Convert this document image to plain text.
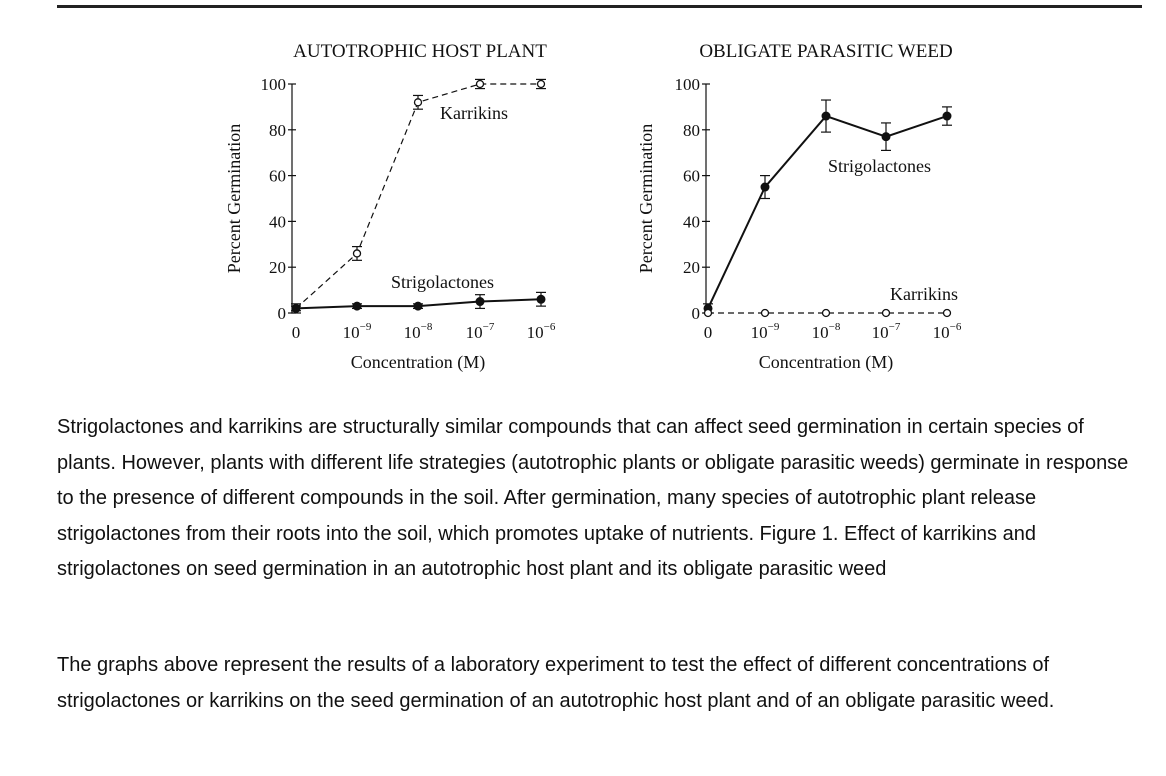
AUTOTROPHIC HOST PLANT
0
20
40
60
80
100
Percent Germination
0 $10^{-9}$ $10^{-8}$ $10^{-7}$ $10^{-6}$
Concentration (M)
Karrikins
Strigolactones
OBLIGATE PARASITIC WEED
0
20
40
60
80
100
Percent Germination
0 $10^{-9}$ $10^{-8}$ $10^{-7}$ $10^{-6}$
Concentration (M)
Strigolactones
Karrikins
Strigolactones and karrikins are structurally similar compounds that can affect seed germination in certain species of plants. However, plants with different life strategies (autotrophic plants or obligate parasitic weeds) germinate in response to the presence of different compounds in the soil. After germination, many species of autotrophic plant release strigolactones from their roots into the soil, which promotes uptake of nutrients. Figure 1. Effect of karrikins and strigolactones on seed germination in an autotrophic host plant and its obligate parasitic weed
The graphs above represent the results of a laboratory experiment to test the effect of different concentrations of strigolactones or karrikins on the seed germination of an autotrophic host plant and of an obligate parasitic weed.
